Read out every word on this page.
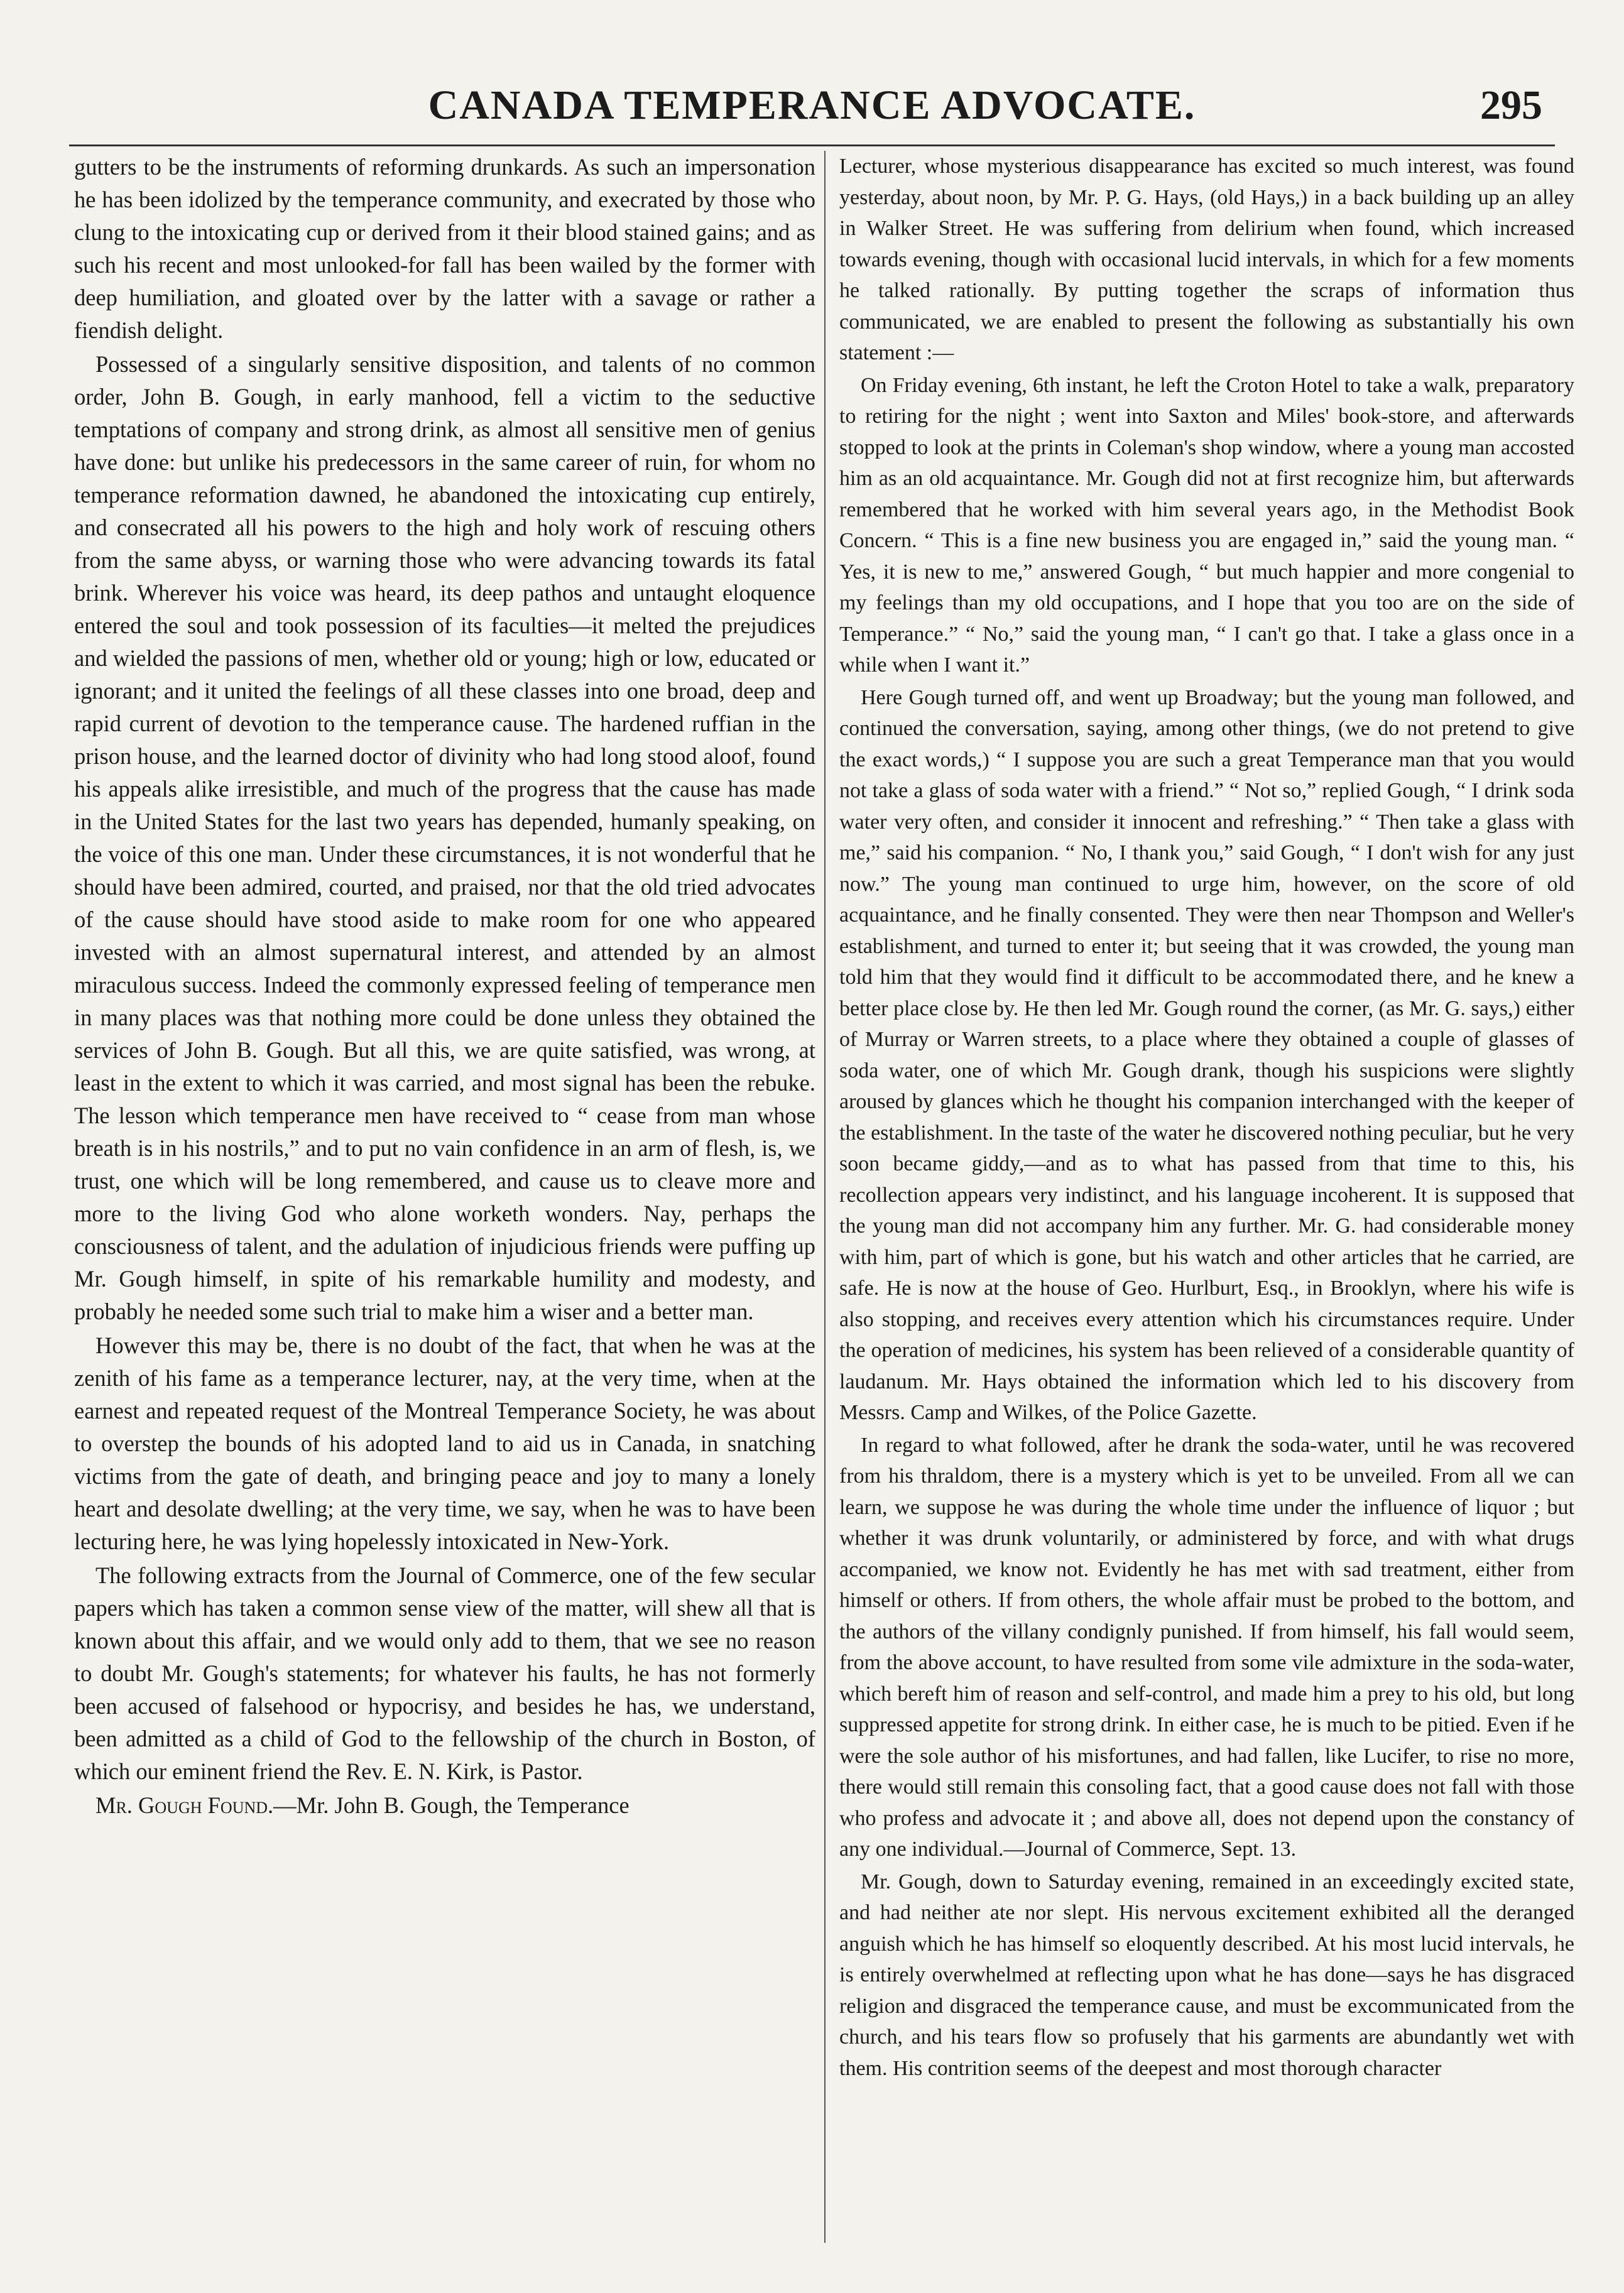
CANADA TEMPERANCE ADVOCATE.	295

gutters to be the instruments of reforming drunkards. As such an impersonation he has been idolized by the temperance community, and execrated by those who clung to the intoxicating cup or derived from it their blood stained gains; and as such his recent and most unlooked-for fall has been wailed by the former with deep humiliation, and gloated over by the latter with a savage or rather a fiendish delight.

Possessed of a singularly sensitive disposition, and talents of no common order, John B. Gough, in early manhood, fell a victim to the seductive temptations of company and strong drink, as almost all sensitive men of genius have done: but unlike his predecessors in the same career of ruin, for whom no temperance reformation dawned, he abandoned the intoxicating cup entirely, and consecrated all his powers to the high and holy work of rescuing others from the same abyss, or warning those who were advancing towards its fatal brink. Wherever his voice was heard, its deep pathos and untaught eloquence entered the soul and took possession of its faculties—it melted the prejudices and wielded the passions of men, whether old or young; high or low, educated or ignorant; and it united the feelings of all these classes into one broad, deep and rapid current of devotion to the temperance cause. The hardened ruffian in the prison house, and the learned doctor of divinity who had long stood aloof, found his appeals alike irresistible, and much of the progress that the cause has made in the United States for the last two years has depended, humanly speaking, on the voice of this one man. Under these circumstances, it is not wonderful that he should have been admired, courted, and praised, nor that the old tried advocates of the cause should have stood aside to make room for one who appeared invested with an almost supernatural interest, and attended by an almost miraculous success. Indeed the commonly expressed feeling of temperance men in many places was that nothing more could be done unless they obtained the services of John B. Gough. But all this, we are quite satisfied, was wrong, at least in the extent to which it was carried, and most signal has been the rebuke. The lesson which temperance men have received to “ cease from man whose breath is in his nostrils,” and to put no vain confidence in an arm of flesh, is, we trust, one which will be long remembered, and cause us to cleave more and more to the living God who alone worketh wonders. Nay, perhaps the consciousness of talent, and the adulation of injudicious friends were puffing up Mr. Gough himself, in spite of his remarkable humility and modesty, and probably he needed some such trial to make him a wiser and a better man.

However this may be, there is no doubt of the fact, that when he was at the zenith of his fame as a temperance lecturer, nay, at the very time, when at the earnest and repeated request of the Montreal Temperance Society, he was about to overstep the bounds of his adopted land to aid us in Canada, in snatching victims from the gate of death, and bringing peace and joy to many a lonely heart and desolate dwelling; at the very time, we say, when he was to have been lecturing here, he was lying hopelessly intoxicated in New-York.

The following extracts from the Journal of Commerce, one of the few secular papers which has taken a common sense view of the matter, will shew all that is known about this affair, and we would only add to them, that we see no reason to doubt Mr. Gough's statements; for whatever his faults, he has not formerly been accused of falsehood or hypocrisy, and besides he has, we understand, been admitted as a child of God to the fellowship of the church in Boston, of which our eminent friend the Rev. E. N. Kirk, is Pastor.

Mr. Gough Found.—Mr. John B. Gough, the Temperance

Lecturer, whose mysterious disappearance has excited so much interest, was found yesterday, about noon, by Mr. P. G. Hays, (old Hays,) in a back building up an alley in Walker Street. He was suffering from delirium when found, which increased towards evening, though with occasional lucid intervals, in which for a few moments he talked rationally. By putting together the scraps of information thus communicated, we are enabled to present the following as substantially his own statement :—

On Friday evening, 6th instant, he left the Croton Hotel to take a walk, preparatory to retiring for the night ; went into Saxton and Miles' book-store, and afterwards stopped to look at the prints in Coleman's shop window, where a young man accosted him as an old acquaintance. Mr. Gough did not at first recognize him, but afterwards remembered that he worked with him several years ago, in the Methodist Book Concern. “ This is a fine new business you are engaged in,” said the young man. “ Yes, it is new to me,” answered Gough, “ but much happier and more congenial to my feelings than my old occupations, and I hope that you too are on the side of Temperance.” “ No,” said the young man, “ I can't go that. I take a glass once in a while when I want it.”

Here Gough turned off, and went up Broadway; but the young man followed, and continued the conversation, saying, among other things, (we do not pretend to give the exact words,) “ I suppose you are such a great Temperance man that you would not take a glass of soda water with a friend.” “ Not so,” replied Gough, “ I drink soda water very often, and consider it innocent and refreshing.” “ Then take a glass with me,” said his companion. “ No, I thank you,” said Gough, “ I don't wish for any just now.” The young man continued to urge him, however, on the score of old acquaintance, and he finally consented. They were then near Thompson and Weller's establishment, and turned to enter it; but seeing that it was crowded, the young man told him that they would find it difficult to be accommodated there, and he knew a better place close by. He then led Mr. Gough round the corner, (as Mr. G. says,) either of Murray or Warren streets, to a place where they obtained a couple of glasses of soda water, one of which Mr. Gough drank, though his suspicions were slightly aroused by glances which he thought his companion interchanged with the keeper of the establishment. In the taste of the water he discovered nothing peculiar, but he very soon became giddy,—and as to what has passed from that time to this, his recollection appears very indistinct, and his language incoherent. It is supposed that the young man did not accompany him any further. Mr. G. had considerable money with him, part of which is gone, but his watch and other articles that he carried, are safe. He is now at the house of Geo. Hurlburt, Esq., in Brooklyn, where his wife is also stopping, and receives every attention which his circumstances require. Under the operation of medicines, his system has been relieved of a considerable quantity of laudanum. Mr. Hays obtained the information which led to his discovery from Messrs. Camp and Wilkes, of the Police Gazette.

In regard to what followed, after he drank the soda-water, until he was recovered from his thraldom, there is a mystery which is yet to be unveiled. From all we can learn, we suppose he was during the whole time under the influence of liquor ; but whether it was drunk voluntarily, or administered by force, and with what drugs accompanied, we know not. Evidently he has met with sad treatment, either from himself or others. If from others, the whole affair must be probed to the bottom, and the authors of the villany condignly punished. If from himself, his fall would seem, from the above account, to have resulted from some vile admixture in the soda-water, which bereft him of reason and self-control, and made him a prey to his old, but long suppressed appetite for strong drink. In either case, he is much to be pitied. Even if he were the sole author of his misfortunes, and had fallen, like Lucifer, to rise no more, there would still remain this consoling fact, that a good cause does not fall with those who profess and advocate it ; and above all, does not depend upon the constancy of any one individual.—Journal of Commerce, Sept. 13.

Mr. Gough, down to Saturday evening, remained in an exceedingly excited state, and had neither ate nor slept. His nervous excitement exhibited all the deranged anguish which he has himself so eloquently described. At his most lucid intervals, he is entirely overwhelmed at reflecting upon what he has done—says he has disgraced religion and disgraced the temperance cause, and must be excommunicated from the church, and his tears flow so profusely that his garments are abundantly wet with them. His contrition seems of the deepest and most thorough character
